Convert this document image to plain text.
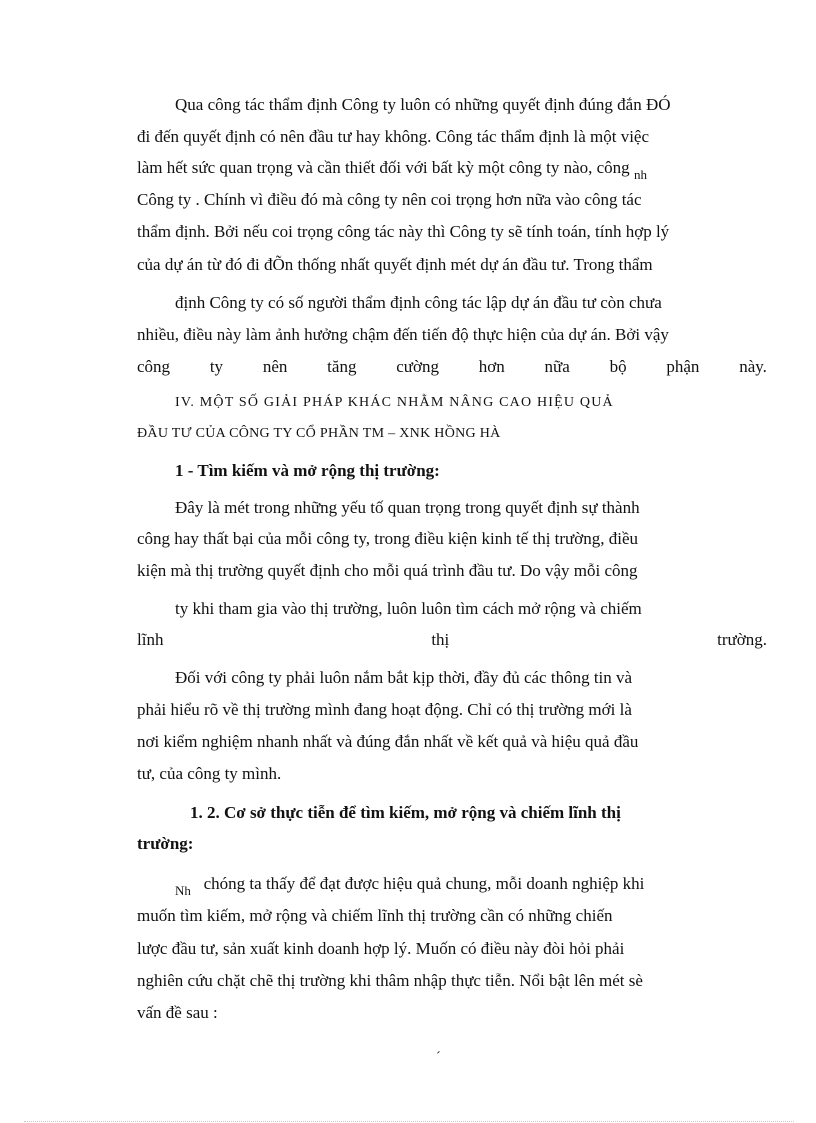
Qua công tác thẩm định Công ty luôn có những quyết định đúng đắn ĐÓ
đi đến quyết định có nên đầu tư hay không. Công tác thẩm định là một việc
làm hết sức quan trọng và cần thiết đối với bất kỳ một công ty nào, công $_{nh}$
Công ty . Chính vì điều đó mà công ty nên coi trọng hơn nữa vào công tác
thẩm định. Bởi nếu coi trọng công tác này thì Công ty sẽ tính toán, tính hợp lý
của dự án từ đó đi đÕn thống nhất quyết định mét dự án đầu tư. Trong thẩm
định Công ty có số người thẩm định công tác lập dự án đầu tư còn chưa
nhiều, điều này làm ảnh hưởng chậm đến tiến độ thực hiện của dự án. Bởi vậy
công ty nên tăng cường hơn nữa bộ phận này.
IV. MỘT SỐ GIẢI PHÁP KHÁC NHẰM NÂNG CAO HIỆU QUẢ
ĐẦU TƯ CỦA CÔNG TY CỔ PHẦN TM – XNK HỒNG HÀ
1 - Tìm kiếm và mở rộng thị trường:
Đây là mét trong những yếu tố quan trọng trong quyết định sự thành
công hay thất bại của mỗi công ty, trong điều kiện kinh tế thị trường, điều
kiện mà thị trường quyết định cho mỗi quá trình đầu tư. Do vậy mỗi công
ty khi tham gia vào thị trường, luôn luôn tìm cách mở rộng và chiếm
lĩnh	thị	trường.
Đối với công ty phải luôn nắm bắt kịp thời, đầy đủ các thông tin và
phải hiểu rõ về thị trường mình đang hoạt động. Chỉ có thị trường mới là
nơi kiểm nghiệm nhanh nhất và đúng đắn nhất về kết quả và hiệu quả đầu
tư, của công ty mình.
1. 2. Cơ sở thực tiễn để tìm kiếm, mở rộng và chiếm lĩnh thị
trường:
$_{Nh}$ chóng ta thấy để đạt được hiệu quả chung, mỗi doanh nghiệp khi
muốn tìm kiếm, mở rộng và chiếm lĩnh thị trường cần có những chiến
lược đầu tư, sản xuất kinh doanh hợp lý. Muốn có điều này đòi hỏi phải
nghiên cứu chặt chẽ thị trường khi thâm nhập thực tiễn. Nổi bật lên mét sè
vấn đề sau :
´
